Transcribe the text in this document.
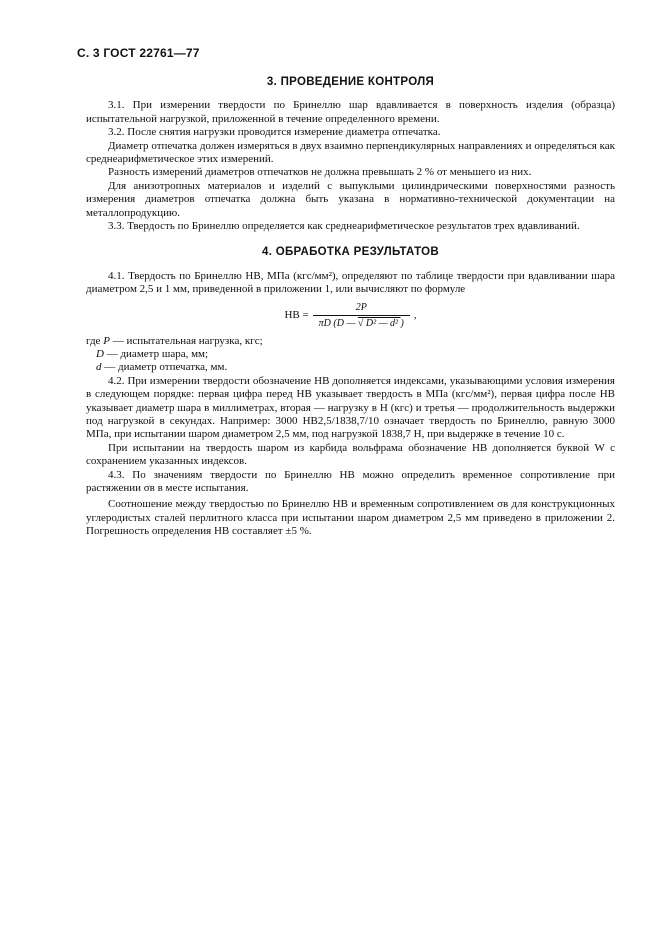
С. 3 ГОСТ 22761—77
3. ПРОВЕДЕНИЕ КОНТРОЛЯ

3.1. При измерении твердости по Бринеллю шар вдавливается в поверхность изделия (образца) испытательной нагрузкой, приложенной в течение определенного времени.

3.2. После снятия нагрузки проводится измерение диаметра отпечатка.

Диаметр отпечатка должен измеряться в двух взаимно перпендикулярных направлениях и определяться как среднеарифметическое этих измерений.

Разность измерений диаметров отпечатков не должна превышать 2 % от меньшего из них.

Для анизотропных материалов и изделий с выпуклыми цилиндрическими поверхностями разность измерения диаметров отпечатка должна быть указана в нормативно-технической документации на металлопродукцию.

3.3. Твердость по Бринеллю определяется как среднеарифметическое результатов трех вдавливаний.

4. ОБРАБОТКА РЕЗУЛЬТАТОВ

4.1. Твердость по Бринеллю НВ, МПа (кгс/мм²), определяют по таблице твердости при вдавливании шара диаметром 2,5 и 1 мм, приведенной в приложении 1, или вычисляют по формуле

НВ = $\frac{2P}{\text{πD (D — √ D² — d² )}}$ ,

где Р — испытательная нагрузка, кгс;

D — диаметр шара, мм;

d — диаметр отпечатка, мм.

4.2. При измерении твердости обозначение НВ дополняется индексами, указывающими условия измерения в следующем порядке: первая цифра перед НВ указывает твердость в МПа (кгс/мм²), первая цифра после НВ указывает диаметр шара в миллиметрах, вторая — нагрузку в Н (кгс) и третья — продолжительность выдержки под нагрузкой в секундах. Например: 3000 НВ2,5/1838,7/10 означает твердость по Бринеллю, равную 3000 МПа, при испытании шаром диаметром 2,5 мм, под нагрузкой 1838,7 Н, при выдержке в течение 10 с.

При испытании на твердость шаром из карбида вольфрама обозначение НВ дополняется буквой W с сохранением указанных индексов.

4.3. По значениям твердости по Бринеллю НВ можно определить временное сопротивление при растяжении σв в месте испытания.

Соотношение между твердостью по Бринеллю НВ и временным сопротивлением σв для конструкционных углеродистых сталей перлитного класса при испытании шаром диаметром 2,5 мм приведено в приложении 2. Погрешность определения НВ составляет ±5 %.
